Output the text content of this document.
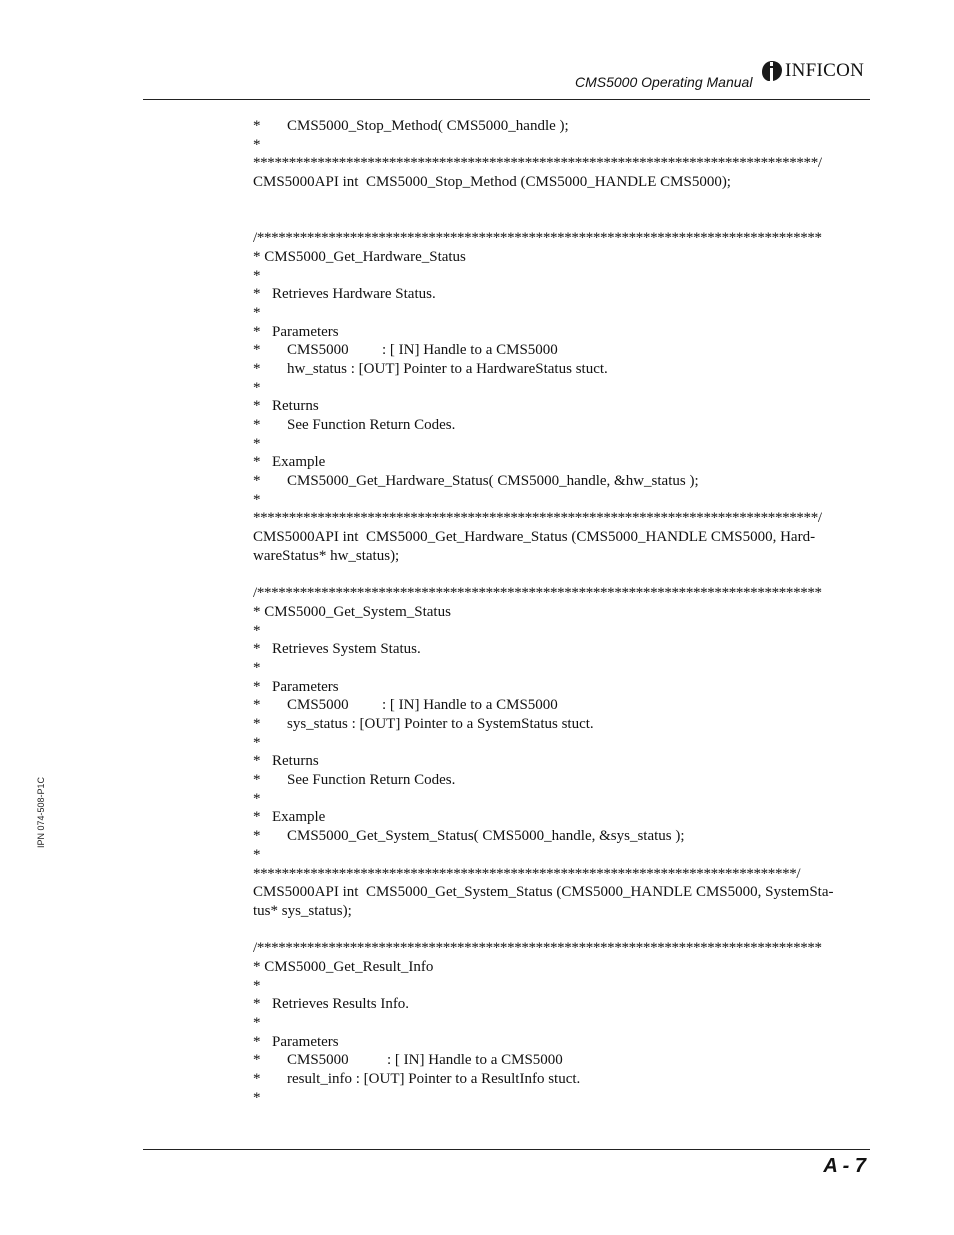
CMS5000 Operating Manual
INFICON
IPN 074-508-P1C
* CMS5000_Stop_Method( CMS5000_handle );
*
*******************************************************************************/
CMS5000API int  CMS5000_Stop_Method (CMS5000_HANDLE CMS5000);
/*******************************************************************************
* CMS5000_Get_Hardware_Status
*
* Retrieves Hardware Status.
*
* Parameters
* CMS5000 : [ IN] Handle to a CMS5000
* hw_status : [OUT] Pointer to a HardwareStatus stuct.
*
* Returns
* See Function Return Codes.
*
* Example
* CMS5000_Get_Hardware_Status( CMS5000_handle, &hw_status );
*
*******************************************************************************/
CMS5000API int  CMS5000_Get_Hardware_Status (CMS5000_HANDLE CMS5000, Hard-
wareStatus* hw_status);
/*******************************************************************************
* CMS5000_Get_System_Status
*
* Retrieves System Status.
*
* Parameters
* CMS5000 : [ IN] Handle to a CMS5000
* sys_status : [OUT] Pointer to a SystemStatus stuct.
*
* Returns
* See Function Return Codes.
*
* Example
* CMS5000_Get_System_Status( CMS5000_handle, &sys_status );
*
****************************************************************************/
CMS5000API int  CMS5000_Get_System_Status (CMS5000_HANDLE CMS5000, SystemSta-
tus* sys_status);
/*******************************************************************************
* CMS5000_Get_Result_Info
*
* Retrieves Results Info.
*
* Parameters
* CMS5000	: [ IN] Handle to a CMS5000
* result_info : [OUT] Pointer to a ResultInfo stuct.
*
A - 7
